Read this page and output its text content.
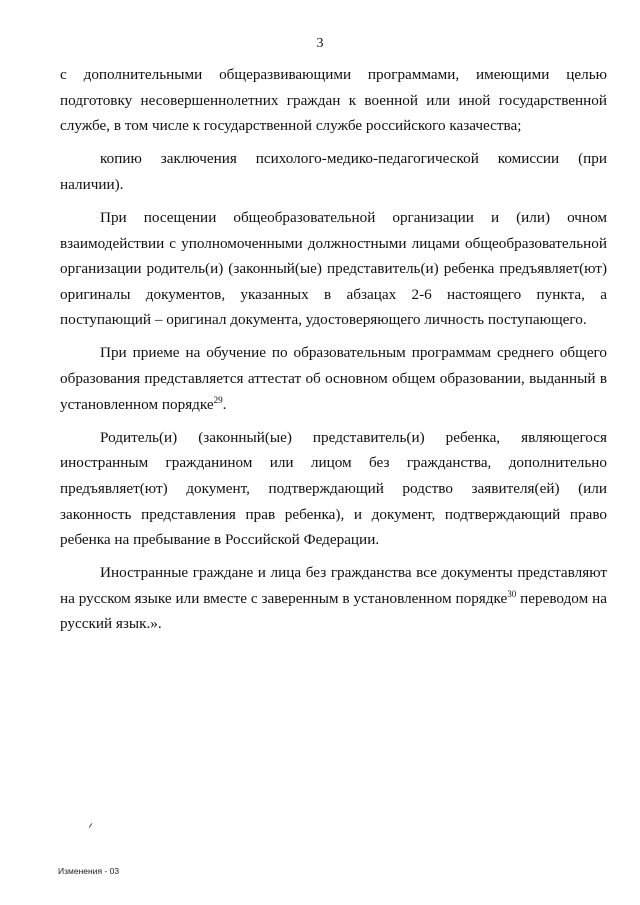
3

с дополнительными общеразвивающими программами, имеющими целью подготовку несовершеннолетних граждан к военной или иной государственной службе, в том числе к государственной службе российского казачества;

копию заключения психолого-медико-педагогической комиссии (при наличии).

При посещении общеобразовательной организации и (или) очном взаимодействии с уполномоченными должностными лицами общеобразовательной организации родитель(и) (законный(ые) представитель(и) ребенка предъявляет(ют) оригиналы документов, указанных в абзацах 2-6 настоящего пункта, а поступающий – оригинал документа, удостоверяющего личность поступающего.

При приеме на обучение по образовательным программам среднего общего образования представляется аттестат об основном общем образовании, выданный в установленном порядке$^{29}$.

Родитель(и) (законный(ые) представитель(и) ребенка, являющегося иностранным гражданином или лицом без гражданства, дополнительно предъявляет(ют) документ, подтверждающий родство заявителя(ей) (или законность представления прав ребенка), и документ, подтверждающий право ребенка на пребывание в Российской Федерации.

Иностранные граждане и лица без гражданства все документы представляют на русском языке или вместе с заверенным в установленном порядке$^{30}$ переводом на русский язык.».

Изменения - 03
